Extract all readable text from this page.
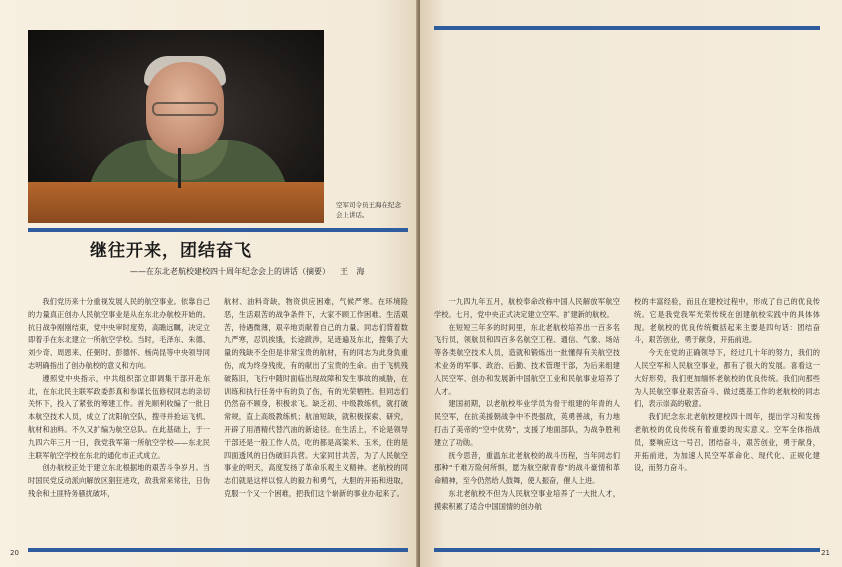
空军司令员王海在纪念会上讲话。
继往开来，团结奋飞
——在东北老航校建校四十周年纪念会上的讲话（摘要） 王 海

我们党历来十分重视发展人民的航空事业。依靠自己的力量真正创办人民航空事业是从在东北办航校开始的。抗日战争刚刚结束，党中央审时度势，高瞻远瞩，决定立即着手在东北建立一所航空学校。当时，毛泽东、朱德、刘少奇、周恩来、任弼时、彭德怀、杨尚昆等中央领导同志明确指出了创办航校的意义和方向。

遵照党中央指示，中共组织部立即调集干部开赴东北，在东北民主联军政委彭真和参谋长伍修权同志的亲切关怀下，投入了紧张的筹建工作。首先顺利收编了一批日本航空技术人员，成立了沈阳航空队，搜寻并抢运飞机、航材和油料。不久又扩编为航空总队。在此基础上，于一九四六年三月一日，我党我军第一所航空学校——东北民主联军航空学校在东北的通化市正式成立。

创办航校正处于建立东北根据地的艰苦斗争岁月。当时国民党反动派向解放区猖狂进攻，敌我常来常往，日伪残余和土匪特务骚扰破坏，

航材、油料奇缺，物资供应困难，气候严寒。在环境险恶，生活艰苦的战争条件下，大家不顾工作困难、生活艰苦，待遇微薄，艰辛地贡献着自己的力量。同志们背着数九严寒，忍饥挨饿，长途跋涉，足迹遍及东北，搜集了大量的残缺不全但是非常宝贵的航材，有的同志为此身负重伤，成为终身残废，有的献出了宝贵的生命。由于飞机残破陈旧，飞行中随时面临出现故障和发生事故的威胁，在训练和执行任务中有的负了伤，有的光荣牺牲。但同志们仍然奋不顾身，积极求飞。缺乏初、中级教练机，就打破常规，直上高级教练机；航油短缺，就积极探索、研究，开辟了用酒精代替汽油的新途径。在生活上，不论是领导干部还是一般工作人员，吃的都是高粱米、玉米，住的是四面透风的日伪破旧兵营。大家同甘共苦，为了人民航空事业的明天，高度发扬了革命乐观主义精神。老航校的同志们就是这样以惊人的毅力和勇气，大胆的开拓和进取，克服一个又一个困难，把我们这个崭新的事业办起来了。

20

一九四九年五月，航校奉命改称中国人民解放军航空学校。七月，党中央正式决定建立空军。扩建新的航校。

在短短三年多的时间里，东北老航校培养出一百多名飞行员，领航员和四百多名航空工程、通信、气象、场站等各类航空技术人员，造就和锻炼出一批懂得有关航空技术业务的军事、政治、后勤、技术管理干部，为后来组建人民空军、创办和发展新中国航空工业和民航事业培养了人才。

建国初期，以老航校毕业学员为骨干组建的年青的人民空军，在抗美援朝战争中不畏强敌，英勇善战，有力地打击了美帝的“空中优势”，支援了地面部队，为战争胜利建立了功勋。

抚今思昔，重温东北老航校的战斗历程，当年同志们那种“千难万险何所惧，愿为航空献青春”的战斗豪情和革命精神，至今仍然给人鼓舞，使人振奋，催人上进。

东北老航校不但为人民航空事业培养了一大批人才，摸索积累了适合中国国情的创办航

校的丰富经验，而且在建校过程中，形成了自己的优良传统。它是我党我军光荣传统在创建航校实践中的具体体现。老航校的优良传统概括起来主要是四句话：团结奋斗，艰苦创业，勇于献身，开拓前进。

今天在党的正确领导下，经过几十年的努力，我们的人民空军和人民航空事业，都有了很大的发展。喜看这一大好形势，我们更加缅怀老航校的优良传统。我们向那些为人民航空事业艰苦奋斗、做过奠基工作的老航校的同志们，表示崇高的敬意。

我们纪念东北老航校建校四十周年，提出学习和发扬老航校的优良传统有着重要的现实意义。空军全体指战员，要响应这一号召，团结奋斗，艰苦创业，勇于献身，开拓前进，为加速人民空军革命化、现代化、正规化建设，而努力奋斗。

21
